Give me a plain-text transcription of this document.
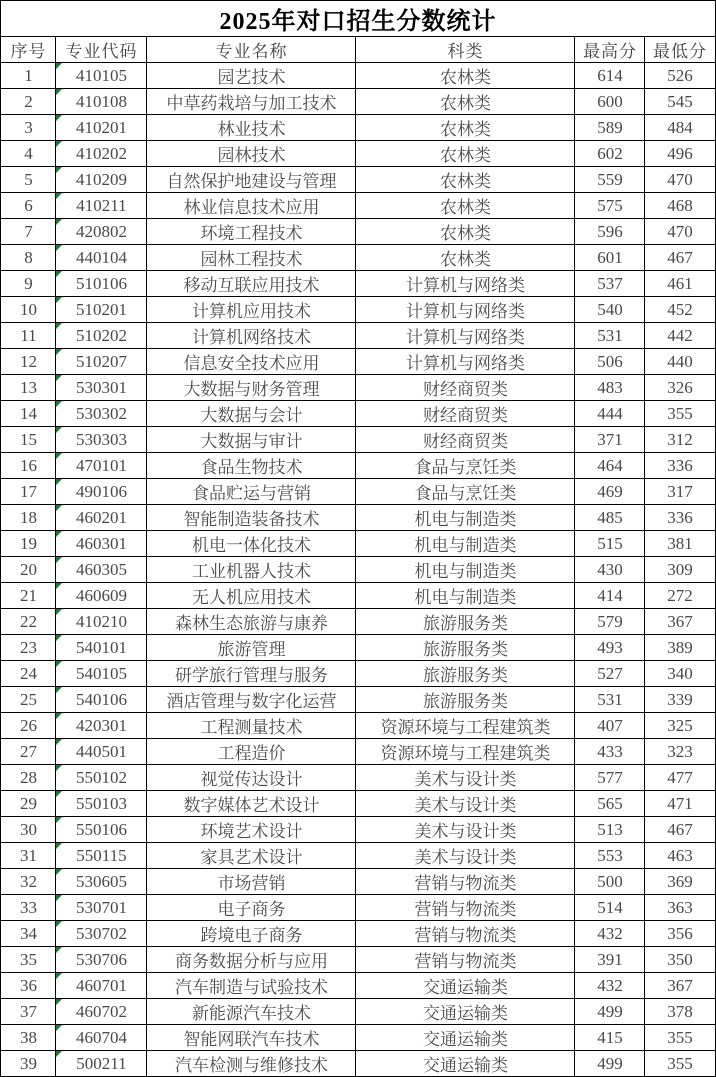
2025年对口招生分数统计					
序号	专业代码	专业名称	科类	最高分	最低分
1	410105	园艺技术	农林类	614	526
2	410108	中草药栽培与加工技术	农林类	600	545
3	410201	林业技术	农林类	589	484
4	410202	园林技术	农林类	602	496
5	410209	自然保护地建设与管理	农林类	559	470
6	410211	林业信息技术应用	农林类	575	468
7	420802	环境工程技术	农林类	596	470
8	440104	园林工程技术	农林类	601	467
9	510106	移动互联应用技术	计算机与网络类	537	461
10	510201	计算机应用技术	计算机与网络类	540	452
11	510202	计算机网络技术	计算机与网络类	531	442
12	510207	信息安全技术应用	计算机与网络类	506	440
13	530301	大数据与财务管理	财经商贸类	483	326
14	530302	大数据与会计	财经商贸类	444	355
15	530303	大数据与审计	财经商贸类	371	312
16	470101	食品生物技术	食品与烹饪类	464	336
17	490106	食品贮运与营销	食品与烹饪类	469	317
18	460201	智能制造装备技术	机电与制造类	485	336
19	460301	机电一体化技术	机电与制造类	515	381
20	460305	工业机器人技术	机电与制造类	430	309
21	460609	无人机应用技术	机电与制造类	414	272
22	410210	森林生态旅游与康养	旅游服务类	579	367
23	540101	旅游管理	旅游服务类	493	389
24	540105	研学旅行管理与服务	旅游服务类	527	340
25	540106	酒店管理与数字化运营	旅游服务类	531	339
26	420301	工程测量技术	资源环境与工程建筑类	407	325
27	440501	工程造价	资源环境与工程建筑类	433	323
28	550102	视觉传达设计	美术与设计类	577	477
29	550103	数字媒体艺术设计	美术与设计类	565	471
30	550106	环境艺术设计	美术与设计类	513	467
31	550115	家具艺术设计	美术与设计类	553	463
32	530605	市场营销	营销与物流类	500	369
33	530701	电子商务	营销与物流类	514	363
34	530702	跨境电子商务	营销与物流类	432	356
35	530706	商务数据分析与应用	营销与物流类	391	350
36	460701	汽车制造与试验技术	交通运输类	432	367
37	460702	新能源汽车技术	交通运输类	499	378
38	460704	智能网联汽车技术	交通运输类	415	355
39	500211	汽车检测与维修技术	交通运输类	499	355
